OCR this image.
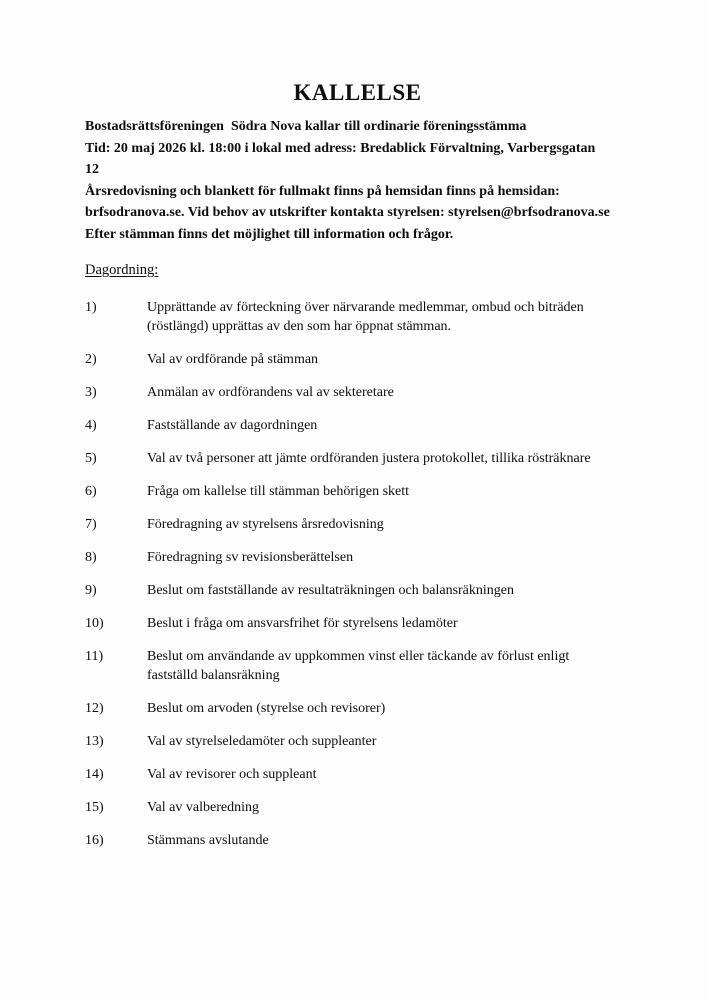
KALLELSE
Bostadsrättsföreningen  Södra Nova kallar till ordinarie föreningsstämma
Tid: 20 maj 2026 kl. 18:00 i lokal med adress: Bredablick Förvaltning, Varbergsgatan
12
Årsredovisning och blankett för fullmakt finns på hemsidan finns på hemsidan:
brfsodranova.se. Vid behov av utskrifter kontakta styrelsen: styrelsen@brfsodranova.se
Efter stämman finns det möjlighet till information och frågor.
Dagordning:
1)	Upprättande av förteckning över närvarande medlemmar, ombud och biträden
(röstlängd) upprättas av den som har öppnat stämman.
2)	Val av ordförande på stämman
3)	Anmälan av ordförandens val av sekteretare
4)	Fastställande av dagordningen
5)	Val av två personer att jämte ordföranden justera protokollet, tillika rösträknare
6)	Fråga om kallelse till stämman behörigen skett
7)	Föredragning av styrelsens årsredovisning
8)	Föredragning sv revisionsberättelsen
9)	Beslut om fastställande av resultaträkningen och balansräkningen
10)	Beslut i fråga om ansvarsfrihet för styrelsens ledamöter
11)	Beslut om användande av uppkommen vinst eller täckande av förlust enligt
fastställd balansräkning
12)	Beslut om arvoden (styrelse och revisorer)
13)	Val av styrelseledamöter och suppleanter
14)	Val av revisorer och suppleant
15)	Val av valberedning
16)	Stämmans avslutande
